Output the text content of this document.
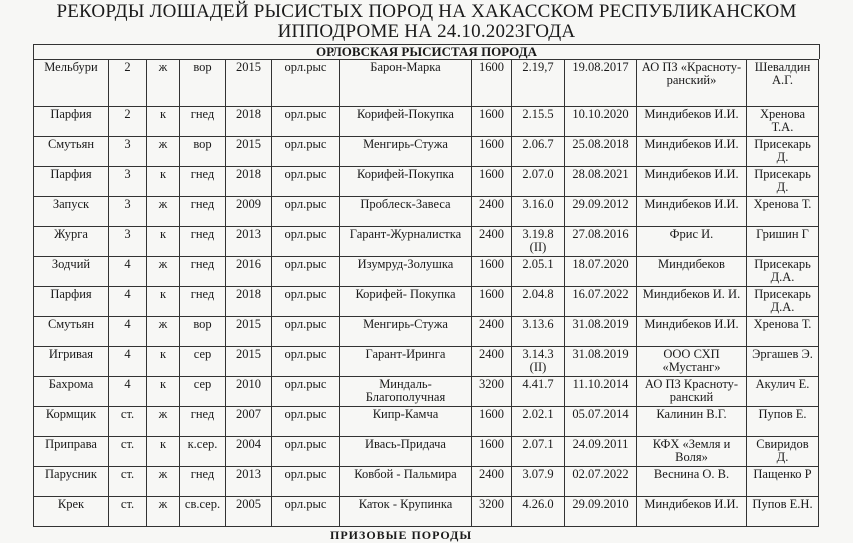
РЕКОРДЫ ЛОШАДЕЙ РЫСИСТЫХ ПОРОД НА ХАКАССКОМ РЕСПУБЛИКАНСКОМ ИППОДРОМЕ НА 24.10.2023ГОДА
ОРЛОВСКАЯ РЫСИСТАЯ ПОРОДА
Мельбури	2	ж	вор	2015	орл.рыс	Барон-Марка	1600	2.19,7	19.08.2017	АО ПЗ «Краснотуранский»	Шевалдин А.Г.
Парфия	2	к	гнед	2018	орл.рыс	Корифей-Покупка	1600	2.15.5	10.10.2020	Миндибеков И.И.	Хренова Т.А.
Смутьян	3	ж	вор	2015	орл.рыс	Менгирь-Стужа	1600	2.06.7	25.08.2018	Миндибеков И.И.	Присекарь Д.
Парфия	3	к	гнед	2018	орл.рыс	Корифей-Покупка	1600	2.07.0	28.08.2021	Миндибеков И.И.	Присекарь Д.
Запуск	3	ж	гнед	2009	орл.рыс	Проблеск-Завеса	2400	3.16.0	29.09.2012	Миндибеков И.И.	Хренова Т.
Журга	3	к	гнед	2013	орл.рыс	Гарант-Журналистка	2400	3.19.8 (II)	27.08.2016	Фрис И.	Гришин Г
Зодчий	4	ж	гнед	2016	орл.рыс	Изумруд-Золушка	1600	2.05.1	18.07.2020	Миндибеков	Присекарь Д.А.
Парфия	4	к	гнед	2018	орл.рыс	Корифей- Покупка	1600	2.04.8	16.07.2022	Миндибеков И. И.	Присекарь Д.А.
Смутьян	4	ж	вор	2015	орл.рыс	Менгирь-Стужа	2400	3.13.6	31.08.2019	Миндибеков И.И.	Хренова Т.
Игривая	4	к	сер	2015	орл.рыс	Гарант-Иринга	2400	3.14.3 (II)	31.08.2019	ООО СХП «Мустанг»	Эргашев Э.
Бахрома	4	к	сер	2010	орл.рыс	Миндаль-Благополучная	3200	4.41.7	11.10.2014	АО ПЗ Краснотуранский	Акулич Е.
Кормщик	ст.	ж	гнед	2007	орл.рыс	Кипр-Камча	1600	2.02.1	05.07.2014	Калинин В.Г.	Пупов Е.
Приправа	ст.	к	к.сер.	2004	орл.рыс	Ивась-Придача	1600	2.07.1	24.09.2011	КФХ «Земля и Воля»	Свиридов Д.
Парусник	ст.	ж	гнед	2013	орл.рыс	Ковбой - Пальмира	2400	3.07.9	02.07.2022	Веснина О. В.	Пащенко Р
Крек	ст.	ж	св.сер.	2005	орл.рыс	Каток - Крупинка	3200	4.26.0	29.09.2010	Миндибеков И.И.	Пупов Е.Н.
ПРИЗОВЫЕ ПОРОДЫ
